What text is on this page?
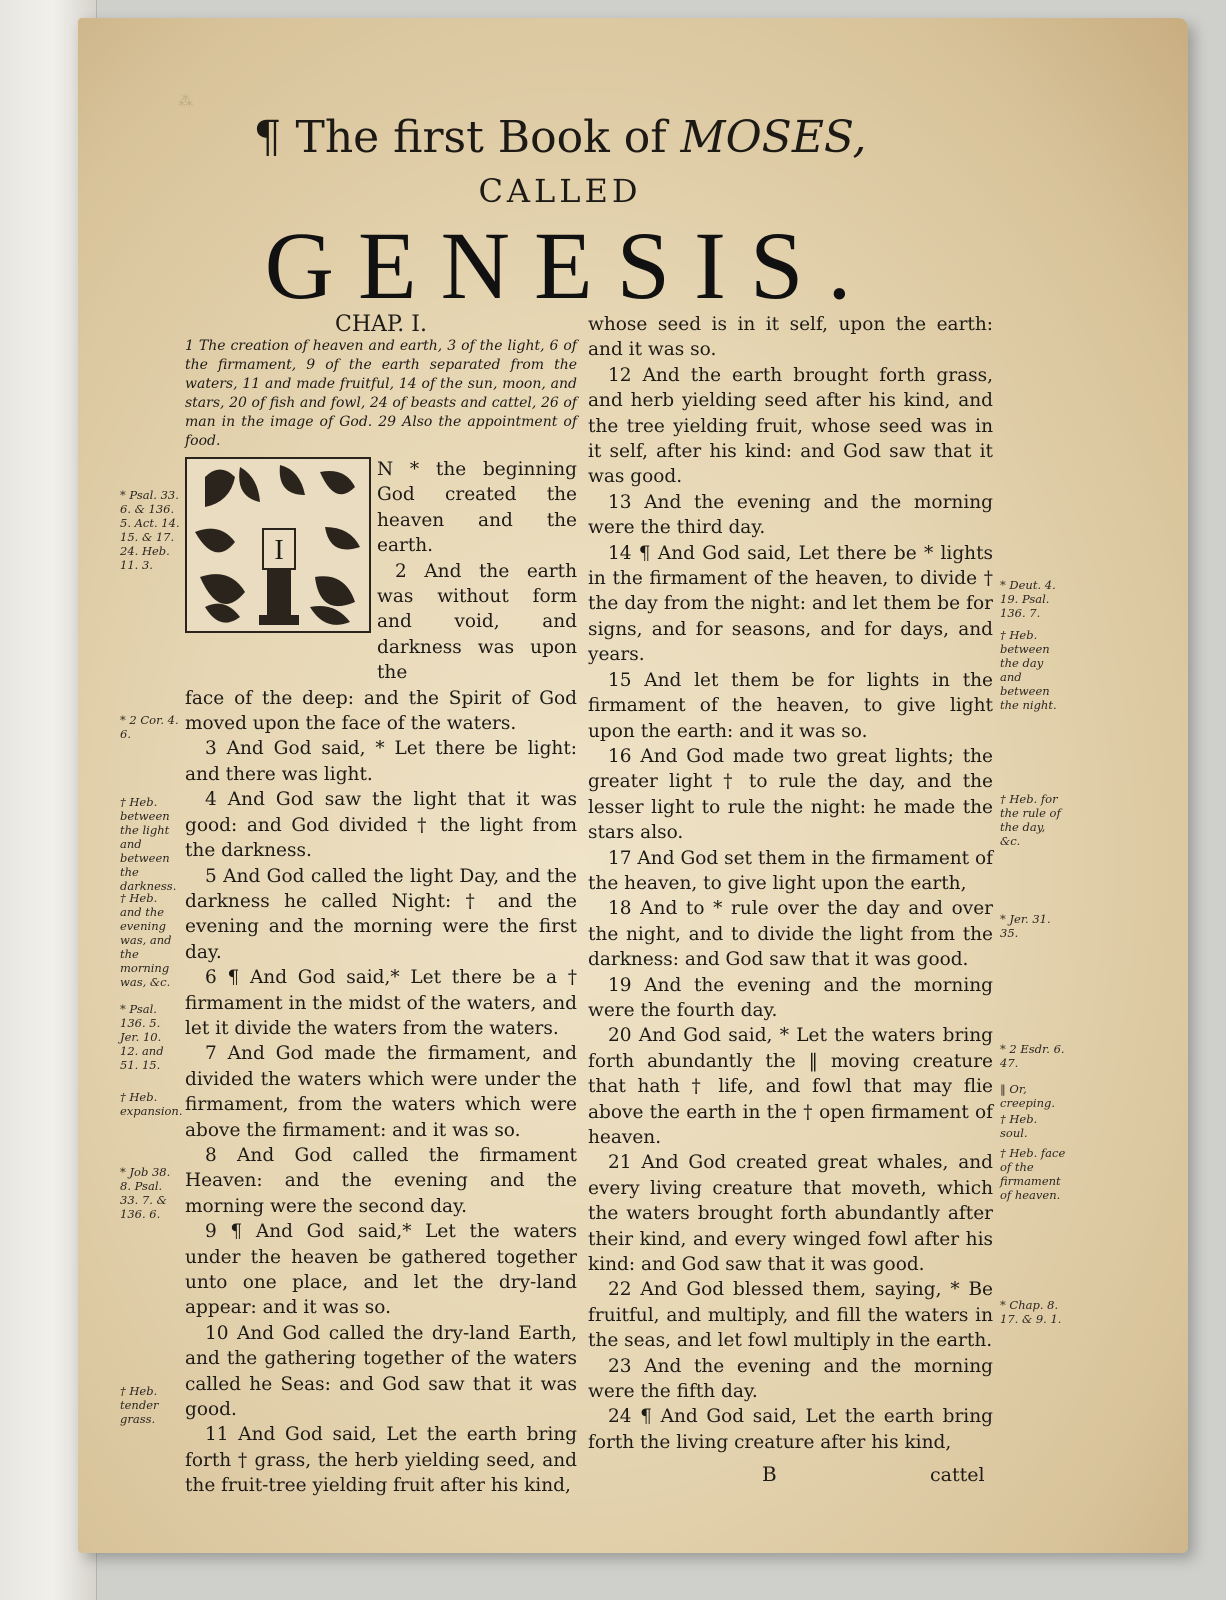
⁂
¶ The first Book of MOSES,
CALLED
GENESIS.

CHAP. I.

1 The creation of heaven and earth, 3 of the light, 6 of the firmament, 9 of the earth separated from the waters, 11 and made fruitful, 14 of the sun, moon, and stars, 20 of fish and fowl, 24 of beasts and cattel, 26 of man in the image of God. 29 Also the appointment of food.

I

N * the beginning God created the heaven and the earth.

2 And the earth was without form and void, and darkness was upon the

face of the deep: and the Spirit of God moved upon the face of the waters.

3 And God said, * Let there be light: and there was light.

4 And God saw the light that it was good: and God divided † the light from the darkness.

5 And God called the light Day, and the darkness he called Night: † and the evening and the morning were the first day.

6 ¶ And God said,* Let there be a † firmament in the midst of the waters, and let it divide the waters from the waters.

7 And God made the firmament, and divided the waters which were under the firmament, from the waters which were above the firmament: and it was so.

8 And God called the firmament Heaven: and the evening and the morning were the second day.

9 ¶ And God said,* Let the waters under the heaven be gathered together unto one place, and let the dry-land appear: and it was so.

10 And God called the dry-land Earth, and the gathering together of the waters called he Seas: and God saw that it was good.

11 And God said, Let the earth bring forth † grass, the herb yielding seed, and the fruit-tree yielding fruit after his kind,

whose seed is in it self, upon the earth: and it was so.

12 And the earth brought forth grass, and herb yielding seed after his kind, and the tree yielding fruit, whose seed was in it self, after his kind: and God saw that it was good.

13 And the evening and the morning were the third day.

14 ¶ And God said, Let there be * lights in the firmament of the heaven, to divide † the day from the night: and let them be for signs, and for seasons, and for days, and years.

15 And let them be for lights in the firmament of the heaven, to give light upon the earth: and it was so.

16 And God made two great lights; the greater light † to rule the day, and the lesser light to rule the night: he made the stars also.

17 And God set them in the firmament of the heaven, to give light upon the earth,

18 And to * rule over the day and over the night, and to divide the light from the darkness: and God saw that it was good.

19 And the evening and the morning were the fourth day.

20 And God said, * Let the waters bring forth abundantly the ‖ moving creature that hath † life, and fowl that may flie above the earth in the † open firmament of heaven.

21 And God created great whales, and every living creature that moveth, which the waters brought forth abundantly after their kind, and every winged fowl after his kind: and God saw that it was good.

22 And God blessed them, saying, * Be fruitful, and multiply, and fill the waters in the seas, and let fowl multiply in the earth.

23 And the evening and the morning were the fifth day.

24 ¶ And God said, Let the earth bring forth the living creature after his kind,

* Psal. 33. 6. & 136. 5. Act. 14. 15. & 17. 24. Heb. 11. 3.
* 2 Cor. 4. 6.
† Heb. between the light and between the darkness.
† Heb. and the evening was, and the morning was, &c.
* Psal. 136. 5. Jer. 10. 12. and 51. 15.
† Heb. expansion.
* Job 38. 8. Psal. 33. 7. & 136. 6.
† Heb. tender grass.
* Deut. 4. 19. Psal. 136. 7.
† Heb. between the day and between the night.
† Heb. for the rule of the day, &c.
* Jer. 31. 35.
* 2 Esdr. 6. 47.
‖ Or, creeping.
† Heb. soul.
† Heb. face of the firmament of heaven.
* Chap. 8. 17. & 9. 1.
B	cattel
